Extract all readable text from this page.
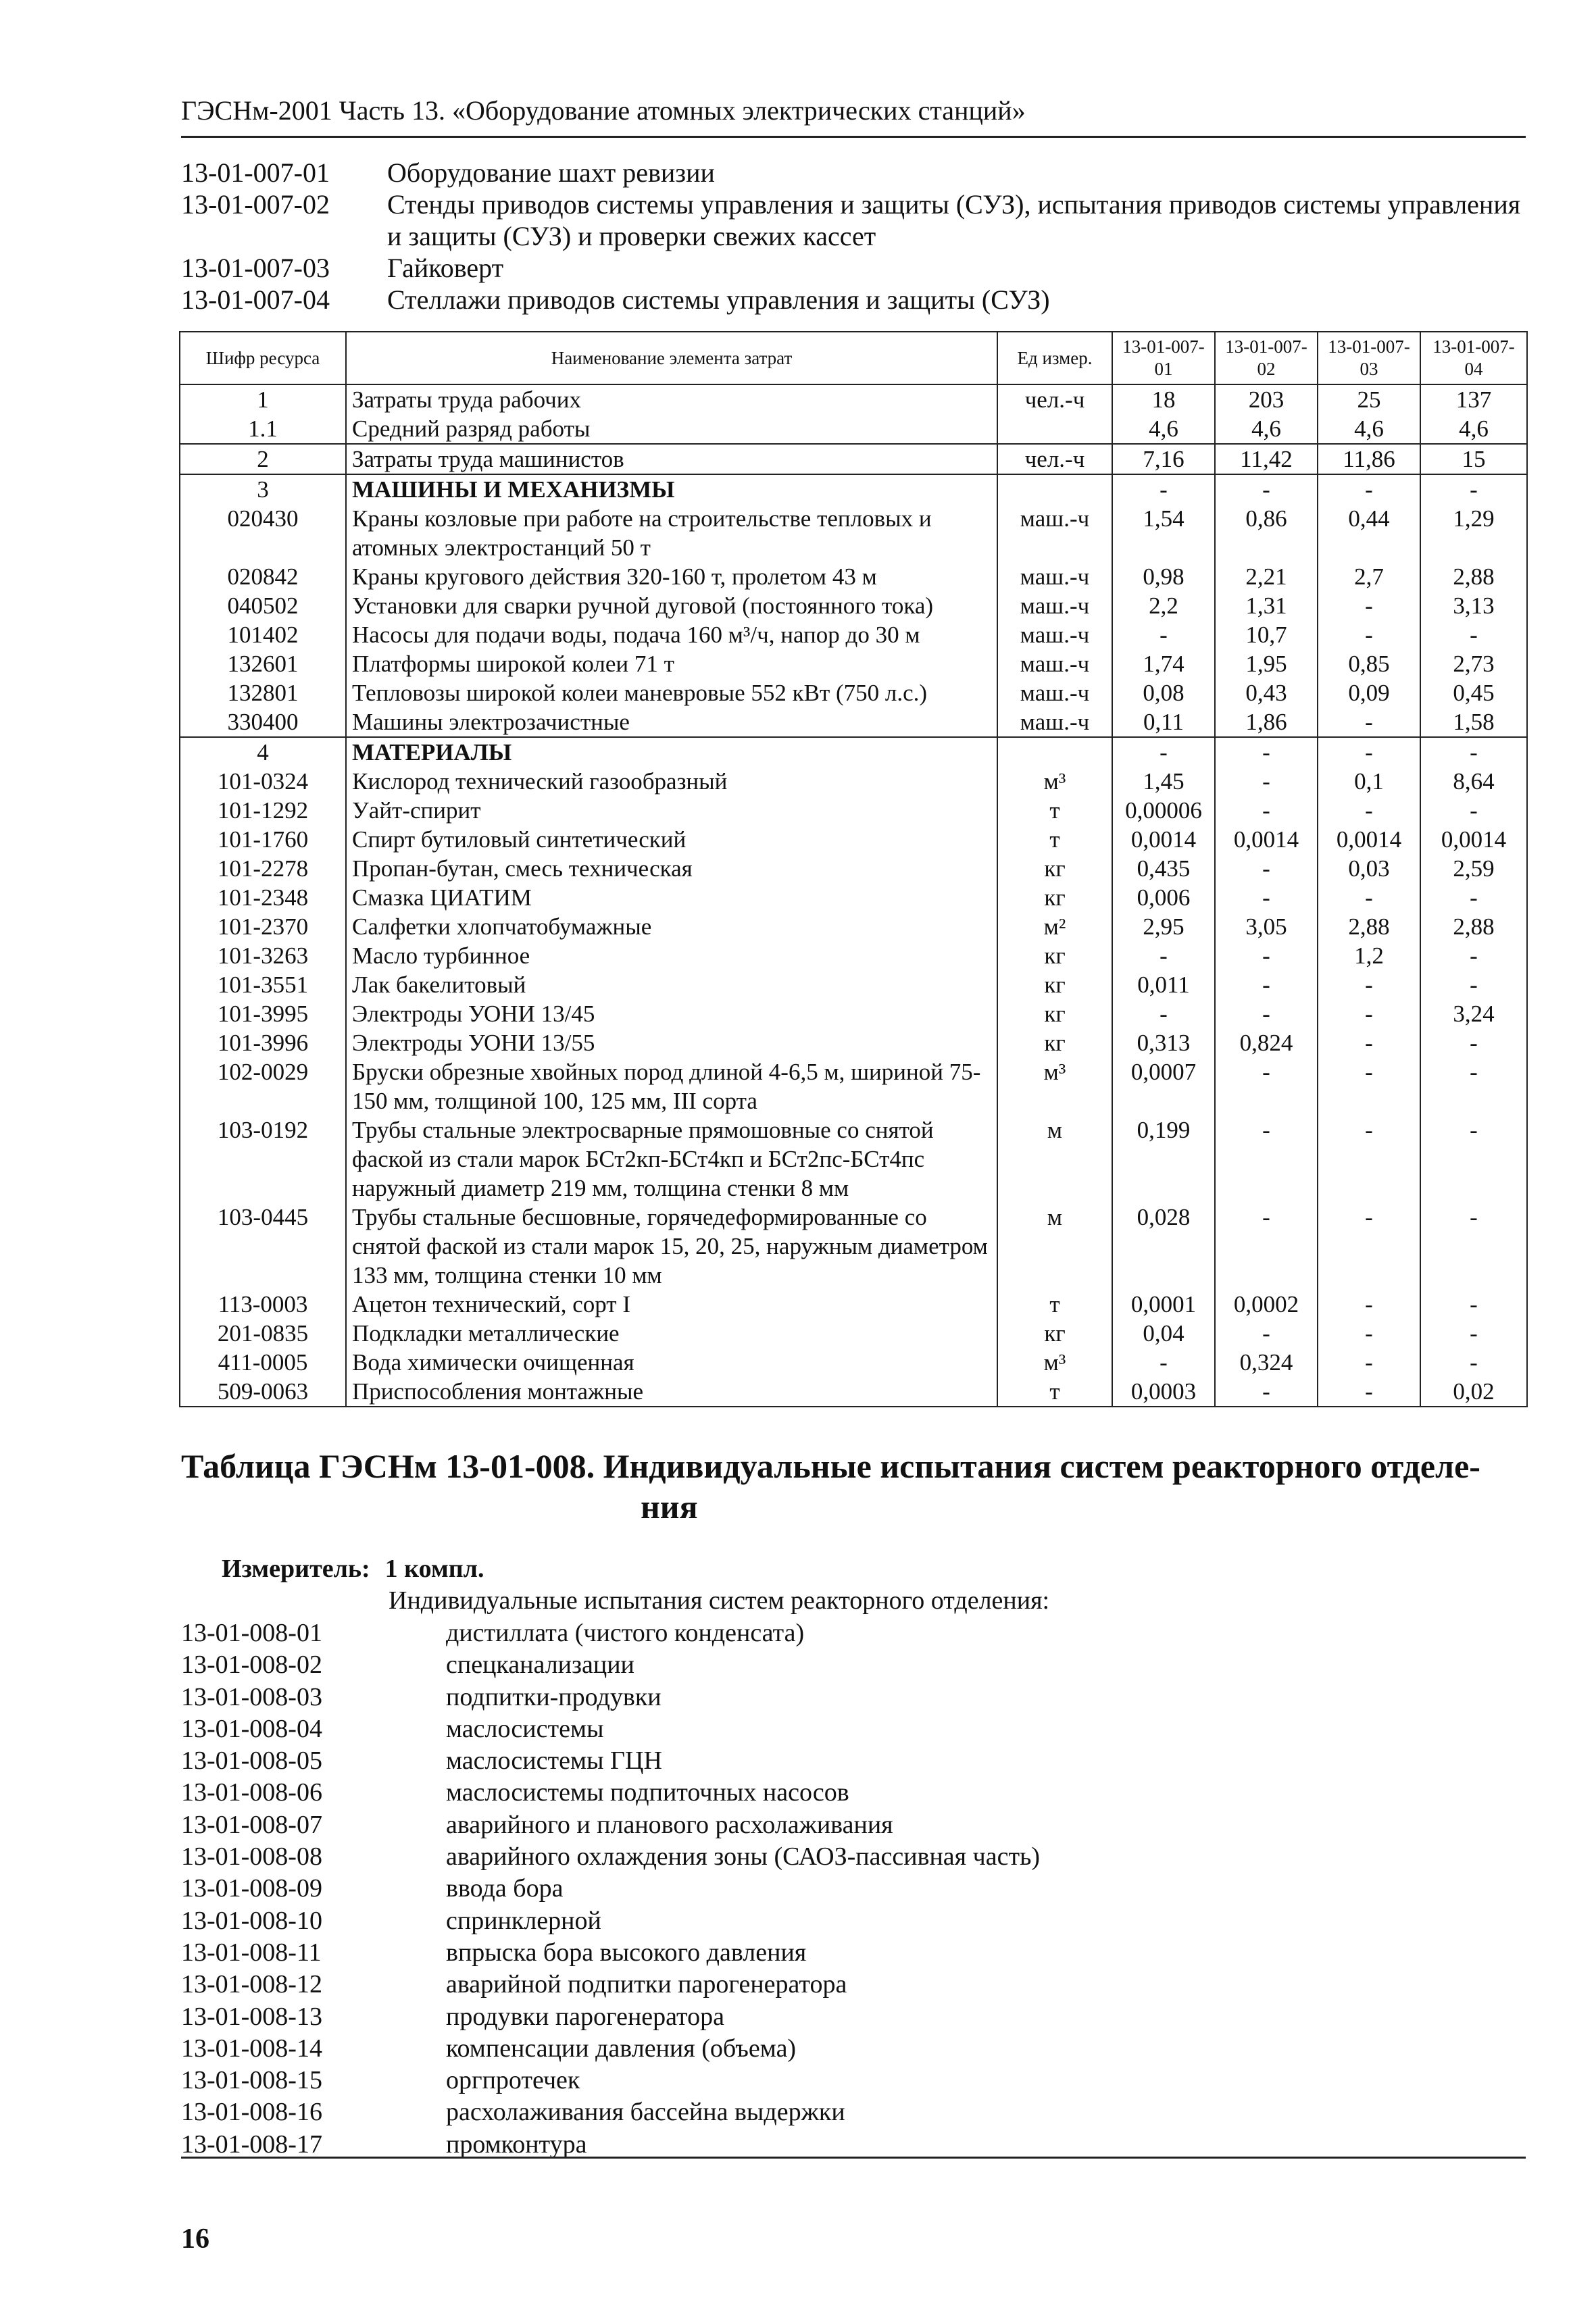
ГЭСНм-2001 Часть 13. «Оборудование атомных электрических станций»
13-01-007-01	Оборудование шахт ревизии
13-01-007-02	Стенды приводов системы управления и защиты (СУЗ), испытания приводов системы управления и защиты (СУЗ) и проверки свежих кассет
13-01-007-03	Гайковерт
13-01-007-04	Стеллажи приводов системы управления и защиты (СУЗ)
Шифр ресурса	Наименование элемента затрат	Ед измер.	13-01-007-01	13-01-007-02	13-01-007-03	13-01-007-04
1	Затраты труда рабочих	чел.-ч	18	203	25	137
1.1	Средний разряд работы		4,6	4,6	4,6	4,6
2	Затраты труда машинистов	чел.-ч	7,16	11,42	11,86	15
3	МАШИНЫ И МЕХАНИЗМЫ		-	-	-	-
020430	Краны козловые при работе на строительстве тепловых и атомных электростанций 50 т	маш.-ч	1,54	0,86	0,44	1,29
020842	Краны кругового действия 320-160 т, пролетом 43 м	маш.-ч	0,98	2,21	2,7	2,88
040502	Установки для сварки ручной дуговой (постоянного тока)	маш.-ч	2,2	1,31	-	3,13
101402	Насосы для подачи воды, подача 160 м³/ч, напор до 30 м	маш.-ч	-	10,7	-	-
132601	Платформы широкой колеи 71 т	маш.-ч	1,74	1,95	0,85	2,73
132801	Тепловозы широкой колеи маневровые 552 кВт (750 л.с.)	маш.-ч	0,08	0,43	0,09	0,45
330400	Машины электрозачистные	маш.-ч	0,11	1,86	-	1,58
4	МАТЕРИАЛЫ		-	-	-	-
101-0324	Кислород технический газообразный	м³	1,45	-	0,1	8,64
101-1292	Уайт-спирит	т	0,00006	-	-	-
101-1760	Спирт бутиловый синтетический	т	0,0014	0,0014	0,0014	0,0014
101-2278	Пропан-бутан, смесь техническая	кг	0,435	-	0,03	2,59
101-2348	Смазка ЦИАТИМ	кг	0,006	-	-	-
101-2370	Салфетки хлопчатобумажные	м²	2,95	3,05	2,88	2,88
101-3263	Масло турбинное	кг	-	-	1,2	-
101-3551	Лак бакелитовый	кг	0,011	-	-	-
101-3995	Электроды УОНИ 13/45	кг	-	-	-	3,24
101-3996	Электроды УОНИ 13/55	кг	0,313	0,824	-	-
102-0029	Бруски обрезные хвойных пород длиной 4-6,5 м, шириной 75-150 мм, толщиной 100, 125 мм, III сорта	м³	0,0007	-	-	-
103-0192	Трубы стальные электросварные прямошовные со снятой фаской из стали марок БСт2кп-БСт4кп и БСт2пс-БСт4пс наружный диаметр 219 мм, толщина стенки 8 мм	м	0,199	-	-	-
103-0445	Трубы стальные бесшовные, горячедеформированные со снятой фаской из стали марок 15, 20, 25, наружным диаметром 133 мм, толщина стенки 10 мм	м	0,028	-	-	-
113-0003	Ацетон технический, сорт I	т	0,0001	0,0002	-	-
201-0835	Подкладки металлические	кг	0,04	-	-	-
411-0005	Вода химически очищенная	м³	-	0,324	-	-
509-0063	Приспособления монтажные	т	0,0003	-	-	0,02
Таблица ГЭСНм 13-01-008. Индивидуальные испытания систем реакторного отделе-
ния
Измеритель: 1 компл.
Индивидуальные испытания систем реакторного отделения:
13-01-008-01	дистиллата (чистого конденсата)
13-01-008-02	спецканализации
13-01-008-03	подпитки-продувки
13-01-008-04	маслосистемы
13-01-008-05	маслосистемы ГЦН
13-01-008-06	маслосистемы подпиточных насосов
13-01-008-07	аварийного и планового расхолаживания
13-01-008-08	аварийного охлаждения зоны (САОЗ-пассивная часть)
13-01-008-09	ввода бора
13-01-008-10	спринклерной
13-01-008-11	впрыска бора высокого давления
13-01-008-12	аварийной подпитки парогенератора
13-01-008-13	продувки парогенератора
13-01-008-14	компенсации давления (объема)
13-01-008-15	оргпротечек
13-01-008-16	расхолаживания бассейна выдержки
13-01-008-17	промконтура
16
